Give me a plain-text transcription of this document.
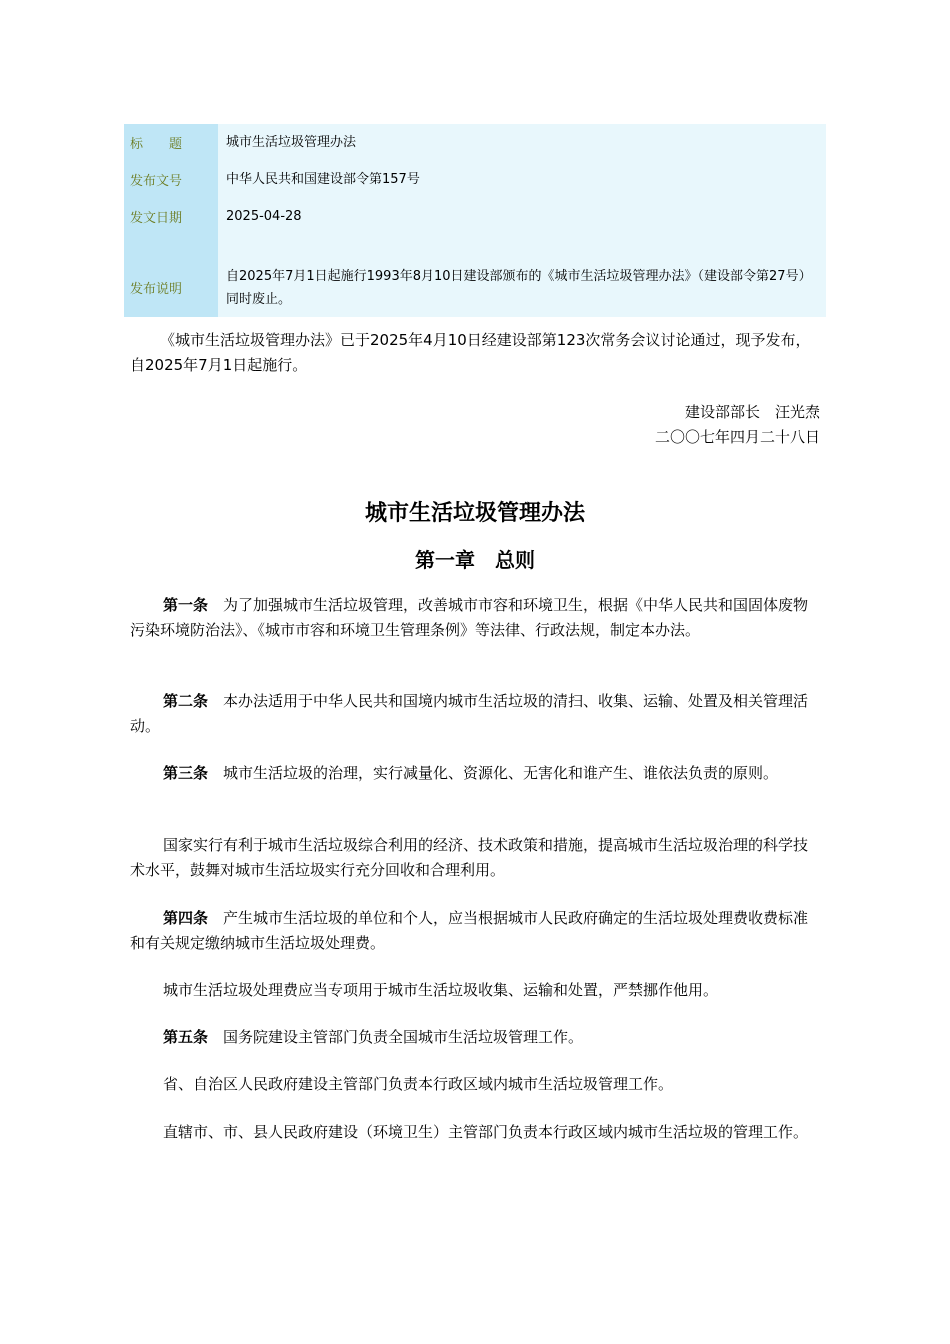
标　　题	城市生活垃圾管理办法
发布文号	中华人民共和国建设部令第157号
发文日期	2025-04-28

发布说明	自2025年7月1日起施行1993年8月10日建设部颁布的《城市生活垃圾管理办法》（建设部令第27号）同时废止。

《城市生活垃圾管理办法》已于2025年4月10日经建设部第123次常务会议讨论通过，现予发布，自2025年7月1日起施行。

建设部部长　汪光焘

二〇〇七年四月二十八日

城市生活垃圾管理办法
第一章　总则

第一条 为了加强城市生活垃圾管理，改善城市市容和环境卫生，根据《中华人民共和国固体废物污染环境防治法》、《城市市容和环境卫生管理条例》等法律、行政法规，制定本办法。

第二条 本办法适用于中华人民共和国境内城市生活垃圾的清扫、收集、运输、处置及相关管理活动。

第三条 城市生活垃圾的治理，实行减量化、资源化、无害化和谁产生、谁依法负责的原则。

国家实行有利于城市生活垃圾综合利用的经济、技术政策和措施，提高城市生活垃圾治理的科学技术水平，鼓舞对城市生活垃圾实行充分回收和合理利用。

第四条 产生城市生活垃圾的单位和个人，应当根据城市人民政府确定的生活垃圾处理费收费标准和有关规定缴纳城市生活垃圾处理费。

城市生活垃圾处理费应当专项用于城市生活垃圾收集、运输和处置，严禁挪作他用。

第五条 国务院建设主管部门负责全国城市生活垃圾管理工作。

省、自治区人民政府建设主管部门负责本行政区域内城市生活垃圾管理工作。

直辖市、市、县人民政府建设（环境卫生）主管部门负责本行政区域内城市生活垃圾的管理工作。
